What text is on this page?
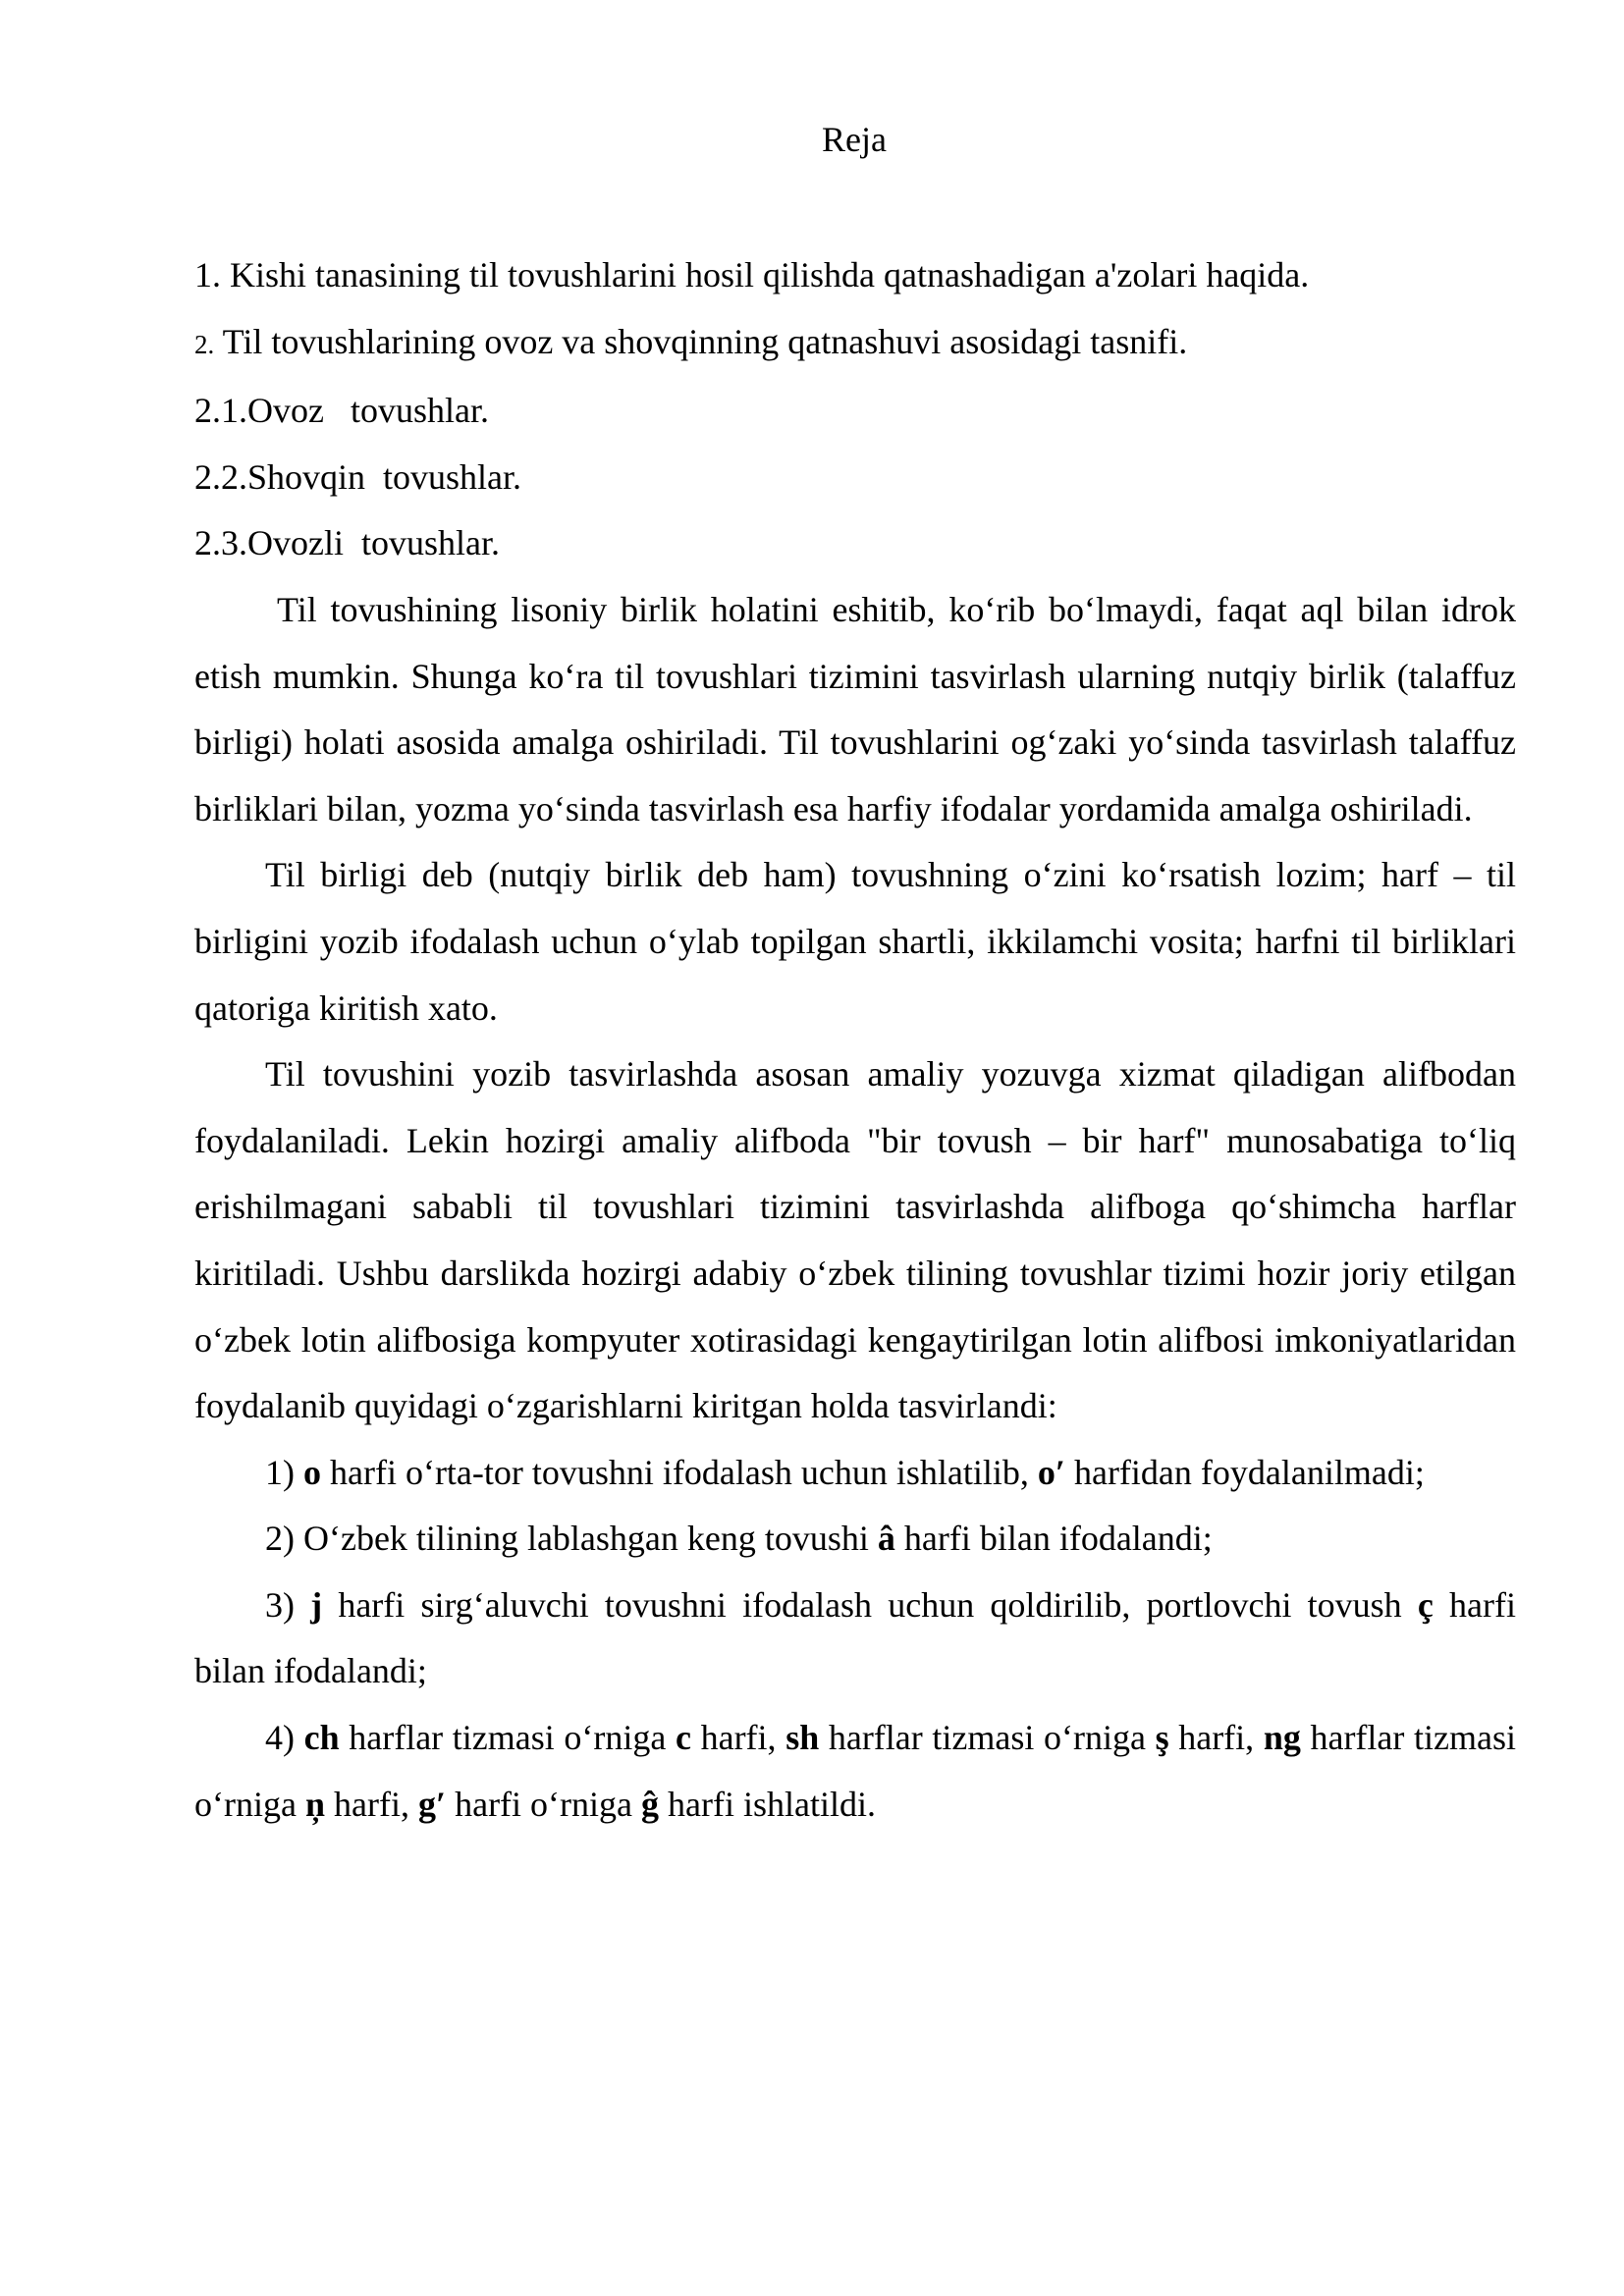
Reja

1. Kishi tanasining til tovushlarini hosil qilishda qatnashadigan a'zolari haqida.

2. Til tovushlarining ovoz va shovqinning qatnashuvi asosidagi tasnifi.

2.1.Ovoz   tovushlar.

2.2.Shovqin  tovushlar.

2.3.Ovozli  tovushlar.

Til tovushining lisoniy birlik holatini eshitib, koʻrib boʻlmaydi, faqat aql bilan idrok etish mumkin. Shunga koʻra til tovushlari tizimini tasvirlash ularning nutqiy birlik (talaffuz birligi) holati asosida amalga oshiriladi. Til tovushlarini ogʻzaki yoʻsinda tasvirlash talaffuz birliklari bilan, yozma yoʻsinda tasvirlash esa harfiy ifodalar yordamida amalga oshiriladi.

Til birligi deb (nutqiy birlik deb ham) tovushning oʻzini koʻrsatish lozim; harf – til birligini yozib ifodalash uchun oʻylab topilgan shartli, ikkilamchi vosita; harfni til birliklari qatoriga kiritish xato.

Til tovushini yozib tasvirlashda asosan amaliy yozuvga xizmat qiladigan alifbodan foydalaniladi. Lekin hozirgi amaliy alifboda "bir tovush – bir harf" munosabatiga toʻliq erishilmagani sababli til tovushlari tizimini tasvirlashda alifboga qoʻshimcha harflar kiritiladi. Ushbu darslikda hozirgi adabiy oʻzbek tilining tovushlar tizimi hozir joriy etilgan oʻzbek lotin alifbosiga kompyuter xotirasidagi kengaytirilgan lotin alifbosi imkoniyatlaridan foydalanib quyidagi oʻzgarishlarni kiritgan holda tasvirlandi:

1) o harfi oʻrta-tor tovushni ifodalash uchun ishlatilib, oʹ harfidan foydalanilmadi;

2) Oʻzbek tilining lablashgan keng tovushi â harfi bilan ifodalandi;

3) j harfi sirgʻaluvchi tovushni ifodalash uchun qoldirilib, portlovchi tovush ç harfi bilan ifodalandi;

4) ch harflar tizmasi oʻrniga c harfi, sh harflar tizmasi oʻrniga ş harfi, ng harflar tizmasi oʻrniga ņ harfi, gʹ harfi oʻrniga ĝ harfi ishlatildi.
